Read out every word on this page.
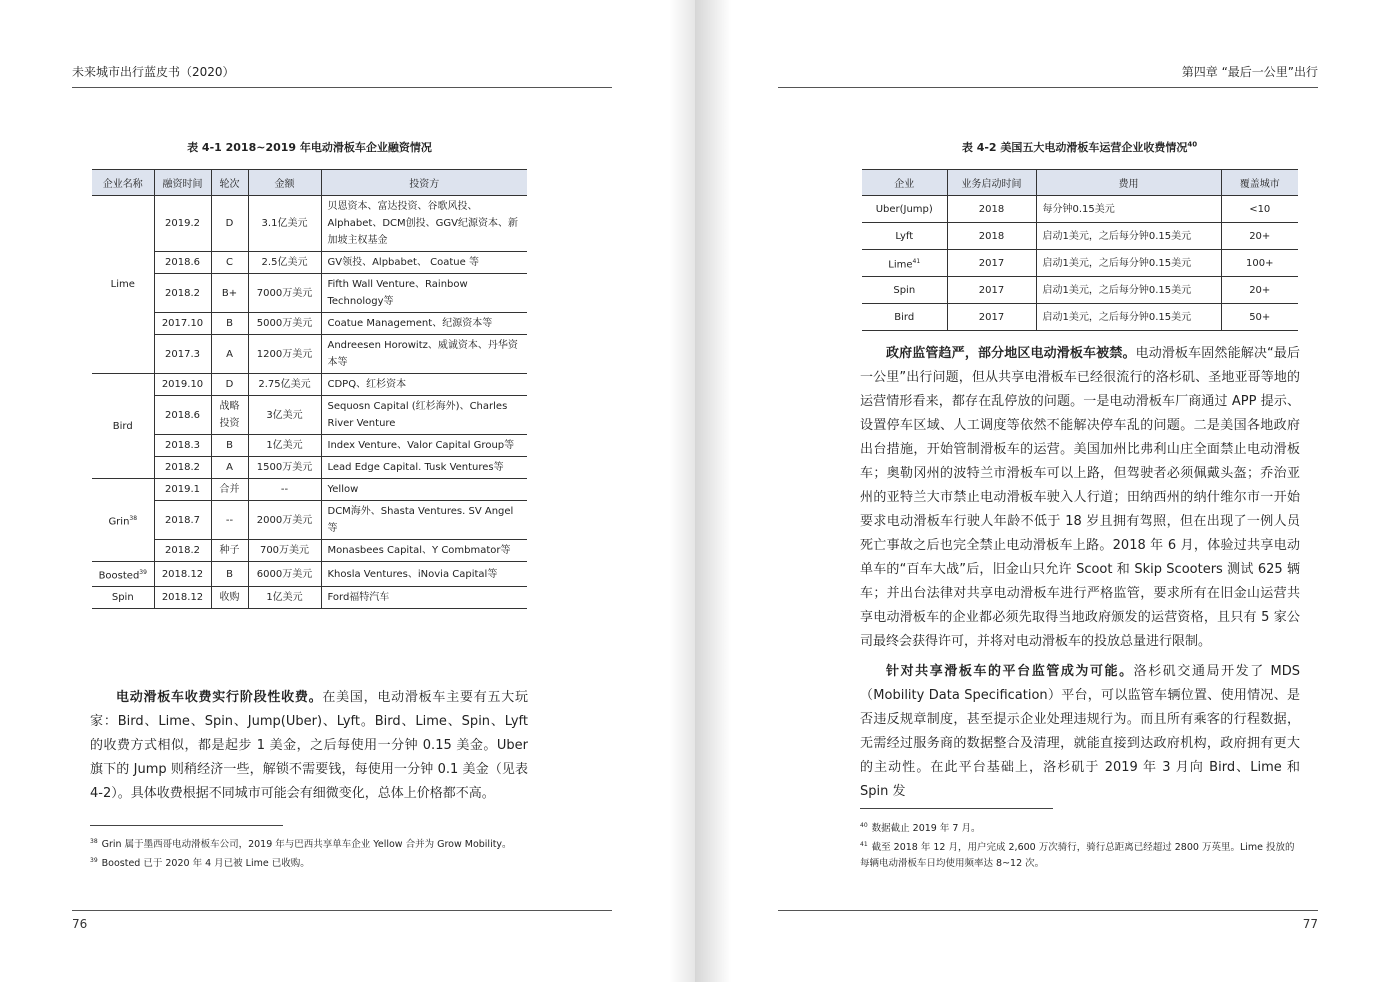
未来城市出行蓝皮书（2020）
表 4-1 2018~2019 年电动滑板车企业融资情况
企业名称	融资时间	轮次	金额	投资方
Lime	2019.2	D	3.1亿美元	贝恩资本、富达投资、谷歌风投、Alphabet、DCM创投、GGV纪源资本、新加坡主权基金
	2018.6	C	2.5亿美元	GV领投、Alpbabet、 Coatue 等
	2018.2	B+	7000万美元	Fifth Wall Venture、Rainbow Technology等
	2017.10	B	5000万美元	Coatue Management、纪源资本等
	2017.3	A	1200万美元	Andreesen Horowitz、威诚资本、丹华资本等
Bird	2019.10	D	2.75亿美元	CDPQ、红杉资本
	2018.6	战略投资	3亿美元	Sequosn Capital (红杉海外)、Charles River Venture
	2018.3	B	1亿美元	Index Venture、Valor Capital Group等
	2018.2	A	1500万美元	Lead Edge Capital. Tusk Ventures等
Grin$^{38}$	2019.1	合并	--	Yellow
	2018.7	--	2000万美元	DCM海外、Shasta Ventures. SV Angel等
	2018.2	种子	700万美元	Monasbees Capital、Y Combmator等
Boosted$^{39}$	2018.12	B	6000万美元	Khosla Ventures、iNovia Capital等
Spin	2018.12	收购	1亿美元	Ford福特汽车

电动滑板车收费实行阶段性收费。在美国，电动滑板车主要有五大玩家：Bird、Lime、Spin、Jump(Uber)、Lyft。Bird、Lime、Spin、Lyft 的收费方式相似，都是起步 1 美金，之后每使用一分钟 0.15 美金。Uber 旗下的 Jump 则稍经济一些，解锁不需要钱，每使用一分钟 0.1 美金（见表 4-2）。具体收费根据不同城市可能会有细微变化，总体上价格都不高。

$^{38}$ Grin 属于墨西哥电动滑板车公司，2019 年与巴西共享单车企业 Yellow 合并为 Grow Mobility。
$^{39}$ Boosted 已于 2020 年 4 月已被 Lime 已收购。
76
第四章 “最后一公里”出行
表 4-2 美国五大电动滑板车运营企业收费情况$^{40}$
企业	业务启动时间	费用	覆盖城市
Uber(Jump)	2018	每分钟0.15美元	<10
Lyft	2018	启动1美元，之后每分钟0.15美元	20+
Lime$^{41}$	2017	启动1美元，之后每分钟0.15美元	100+
Spin	2017	启动1美元，之后每分钟0.15美元	20+
Bird	2017	启动1美元，之后每分钟0.15美元	50+

政府监管趋严，部分地区电动滑板车被禁。电动滑板车固然能解决“最后一公里”出行问题，但从共享电滑板车已经很流行的洛杉矶、圣地亚哥等地的运营情形看来，都存在乱停放的问题。一是电动滑板车厂商通过 APP 提示、设置停车区域、人工调度等依然不能解决停车乱的问题。二是美国各地政府出台措施，开始管制滑板车的运营。美国加州比弗利山庄全面禁止电动滑板车；奥勒冈州的波特兰市滑板车可以上路，但驾驶者必须佩戴头盔；乔治亚州的亚特兰大市禁止电动滑板车驶入人行道；田纳西州的纳什维尔市一开始要求电动滑板车行驶人年龄不低于 18 岁且拥有驾照，但在出现了一例人员死亡事故之后也完全禁止电动滑板车上路。2018 年 6 月，体验过共享电动单车的“百车大战”后，旧金山只允许 Scoot 和 Skip Scooters 测试 625 辆车；并出台法律对共享电动滑板车进行严格监管，要求所有在旧金山运营共享电动滑板车的企业都必须先取得当地政府颁发的运营资格，且只有 5 家公司最终会获得许可，并将对电动滑板车的投放总量进行限制。

针对共享滑板车的平台监管成为可能。洛杉矶交通局开发了 MDS（Mobility Data Specification）平台，可以监管车辆位置、使用情况、是否违反规章制度，甚至提示企业处理违规行为。而且所有乘客的行程数据，无需经过服务商的数据整合及清理，就能直接到达政府机构，政府拥有更大的主动性。在此平台基础上，洛杉矶于 2019 年 3 月向 Bird、Lime 和 Spin 发

$^{40}$ 数据截止 2019 年 7 月。
$^{41}$ 截至 2018 年 12 月，用户完成 2,600 万次骑行，骑行总距离已经超过 2800 万英里。Lime 投放的每辆电动滑板车日均使用频率达 8~12 次。
77
